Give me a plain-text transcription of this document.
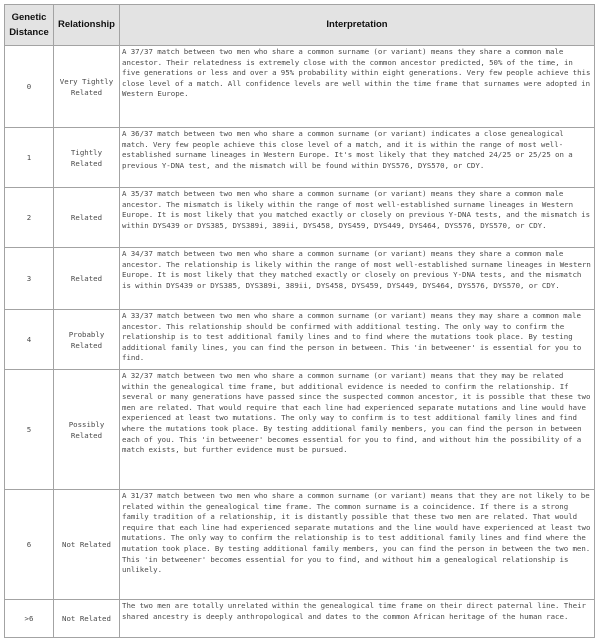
Genetic
Distance	Relationship	Interpretation
0	Very Tightly Related	A 37/37 match between two men who share a common surname (or variant) means they share a common male ancestor. Their relatedness is extremely close with the common ancestor predicted, 50% of the time, in five generations or less and over a 95% probability within eight generations. Very few people achieve this close level of a match. All confidence levels are well within the time frame that surnames were adopted in Western Europe.
1	Tightly Related	A 36/37 match between two men who share a common surname (or variant) indicates a close genealogical match. Very few people achieve this close level of a match, and it is within the range of most well-established surname lineages in Western Europe. It's most likely that they matched 24/25 or 25/25 on a previous Y-DNA test, and the mismatch will be found within DYS576, DYS570, or CDY.
2	Related	A 35/37 match between two men who share a common surname (or variant) means they share a common male ancestor. The mismatch is likely within the range of most well-established surname lineages in Western Europe. It is most likely that you matched exactly or closely on previous Y-DNA tests, and the mismatch is within DYS439 or DYS385, DYS389i, 389ii, DYS458, DYS459, DYS449, DYS464, DYS576, DYS570, or CDY.
3	Related	A 34/37 match between two men who share a common surname (or variant) means they share a common male ancestor. The relationship is likely within the range of most well-established surname lineages in Western Europe. It is most likely that they matched exactly or closely on previous Y-DNA tests, and the mismatch is within DYS439 or DYS385, DYS389i, 389ii, DYS458, DYS459, DYS449, DYS464, DYS576, DYS570, or CDY.
4	Probably Related	A 33/37 match between two men who share a common surname (or variant) means they may share a common male ancestor. This relationship should be confirmed with additional testing. The only way to confirm the relationship is to test additional family lines and to find where the mutations took place. By testing additional family lines, you can find the person in between. This 'in betweener' is essential for you to find.
5	Possibly Related	A 32/37 match between two men who share a common surname (or variant) means that they may be related within the genealogical time frame, but additional evidence is needed to confirm the relationship. If several or many generations have passed since the suspected common ancestor, it is possible that these two men are related. That would require that each line had experienced separate mutations and line would have experienced at least two mutations. The only way to confirm is to test additional family lines and find where the mutations took place. By testing additional family members, you can find the person in between each of you. This 'in betweener' becomes essential for you to find, and without him the possibility of a match exists, but further evidence must be pursued.
6	Not Related	A 31/37 match between two men who share a common surname (or variant) means that they are not likely to be related within the genealogical time frame. The common surname is a coincidence. If there is a strong family tradition of a relationship, it is distantly possible that these two men are related. That would require that each line had experienced separate mutations and the line would have experienced at least two mutations. The only way to confirm the relationship is to test additional family lines and find where the mutation took place. By testing additional family members, you can find the person in between the two men. This 'in betweener' becomes essential for you to find, and without him a genealogical relationship is unlikely.
>6	Not Related	The two men are totally unrelated within the genealogical time frame on their direct paternal line. Their shared ancestry is deeply anthropological and dates to the common African heritage of the human race.
